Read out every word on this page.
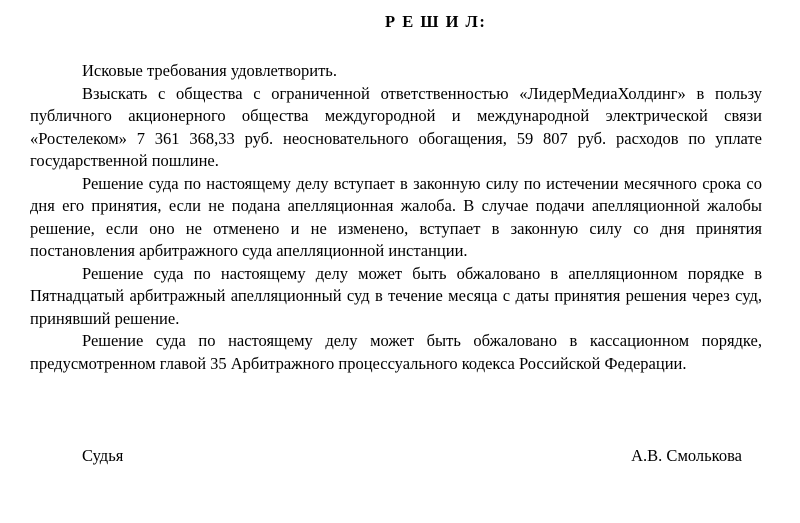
Р Е Ш И Л:

Исковые требования удовлетворить.

Взыскать с общества с ограниченной ответственностью «ЛидерМедиаХолдинг» в пользу публичного акционерного общества междугородной и международной электрической связи «Ростелеком» 7 361 368,33 руб. неосновательного обогащения, 59 807 руб. расходов по уплате государственной пошлине.

Решение суда по настоящему делу вступает в законную силу по истечении месячного срока со дня его принятия, если не подана апелляционная жалоба. В случае подачи апелляционной жалобы решение, если оно не отменено и не изменено, вступает в законную силу со дня принятия постановления арбитражного суда апелляционной инстанции.

Решение суда по настоящему делу может быть обжаловано в апелляционном порядке в Пятнадцатый арбитражный апелляционный суд в течение месяца с даты принятия решения через суд, принявший решение.

Решение суда по настоящему делу может быть обжаловано в кассационном порядке, предусмотренном главой 35 Арбитражного процессуального кодекса Российской Федерации.

Судья	А.В. Смолькова
